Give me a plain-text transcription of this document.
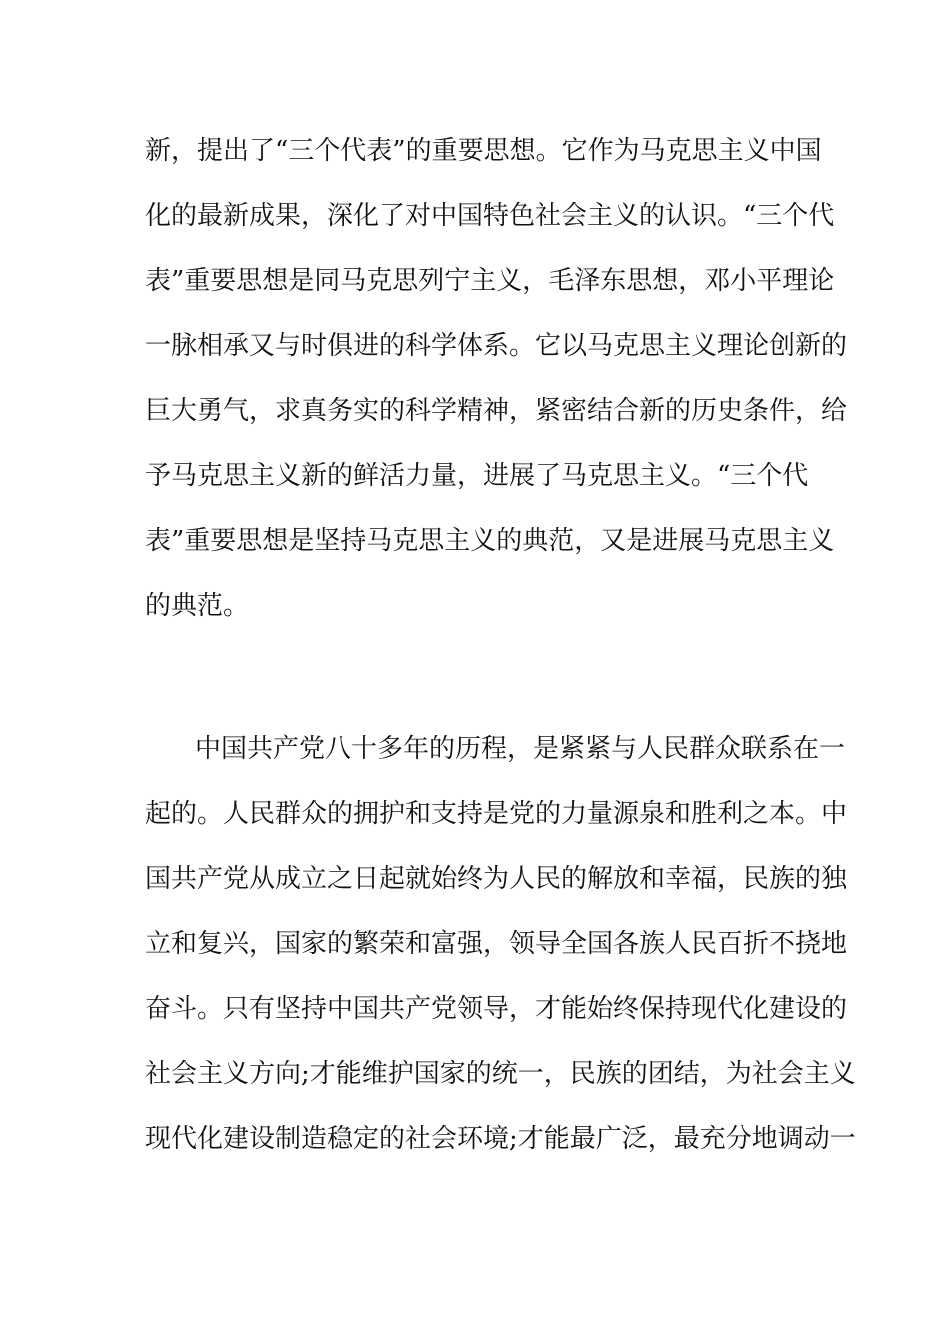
新，提出了“三个代表”的重要思想。它作为马克思主义中国
化的最新成果，深化了对中国特色社会主义的认识。“三个代
表”重要思想是同马克思列宁主义，毛泽东思想，邓小平理论
一脉相承又与时俱进的科学体系。它以马克思主义理论创新的
巨大勇气，求真务实的科学精神，紧密结合新的历史条件，给
予马克思主义新的鲜活力量，进展了马克思主义。“三个代
表”重要思想是坚持马克思主义的典范，又是进展马克思主义
的典范。
中国共产党八十多年的历程，是紧紧与人民群众联系在一
起的。人民群众的拥护和支持是党的力量源泉和胜利之本。中
国共产党从成立之日起就始终为人民的解放和幸福，民族的独
立和复兴，国家的繁荣和富强，领导全国各族人民百折不挠地
奋斗。只有坚持中国共产党领导，才能始终保持现代化建设的
社会主义方向;才能维护国家的统一，民族的团结，为社会主义
现代化建设制造稳定的社会环境;才能最广泛，最充分地调动一
